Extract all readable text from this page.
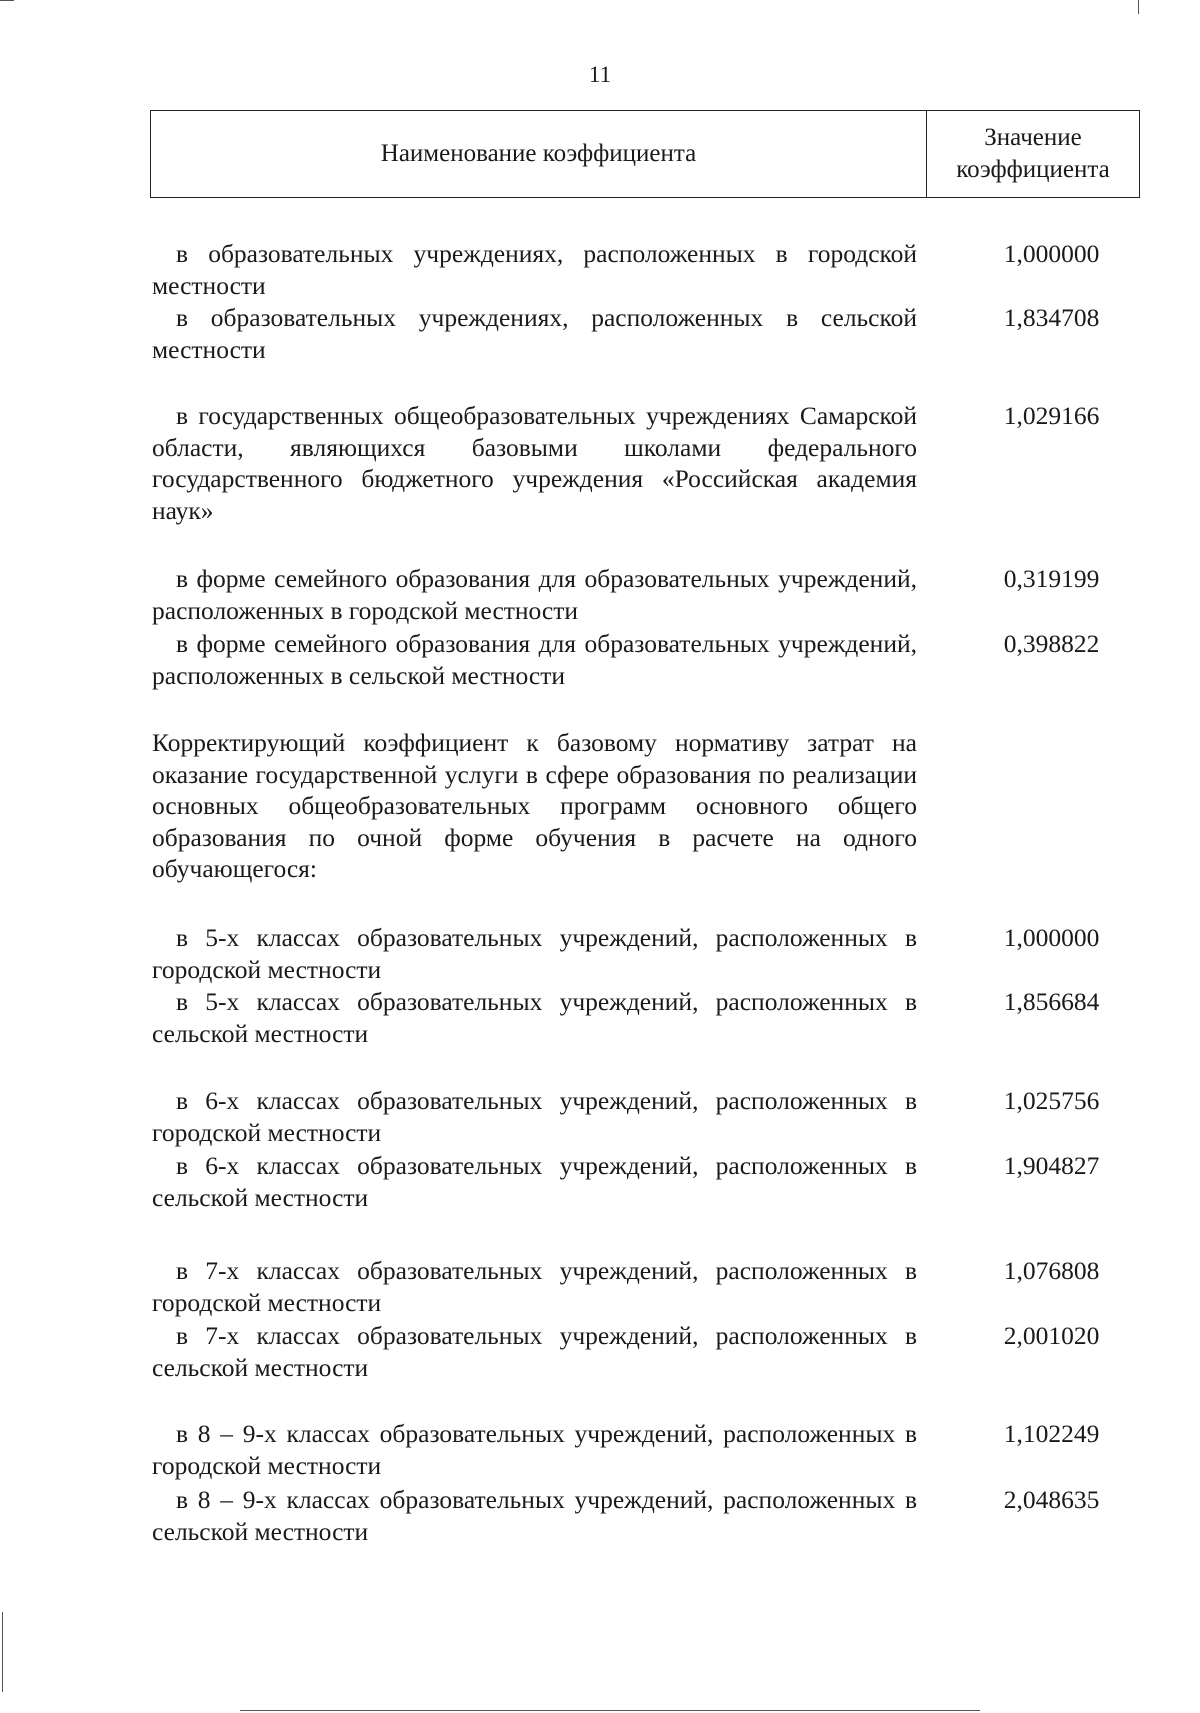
11
Наименование коэффициента
Значение
коэффициента
в образовательных учреждениях, расположенных в городской местности
1,000000
в образовательных учреждениях, расположенных в сельской местности
1,834708
в государственных общеобразовательных учреждениях Самарской области, являющихся базовыми школами федерального государственного бюджетного учреждения «Российская академия наук»
1,029166
в форме семейного образования для образовательных учреждений, расположенных в городской местности
0,319199
в форме семейного образования для образовательных учреждений, расположенных в сельской местности
0,398822
Корректирующий коэффициент к базовому нормативу затрат на оказание государственной услуги в сфере образования по реализации основных общеобразовательных программ основного общего образования по очной форме обучения в расчете на одного обучающегося:
в 5-х классах образовательных учреждений, расположенных в городской местности
1,000000
в 5-х классах образовательных учреждений, расположенных в сельской местности
1,856684
в 6-х классах образовательных учреждений, расположенных в городской местности
1,025756
в 6-х классах образовательных учреждений, расположенных в сельской местности
1,904827
в 7-х классах образовательных учреждений, расположенных в городской местности
1,076808
в 7-х классах образовательных учреждений, расположенных в сельской местности
2,001020
в 8 – 9-х классах образовательных учреждений, расположенных в городской местности
1,102249
в 8 – 9-х классах образовательных учреждений, расположенных в сельской местности
2,048635
